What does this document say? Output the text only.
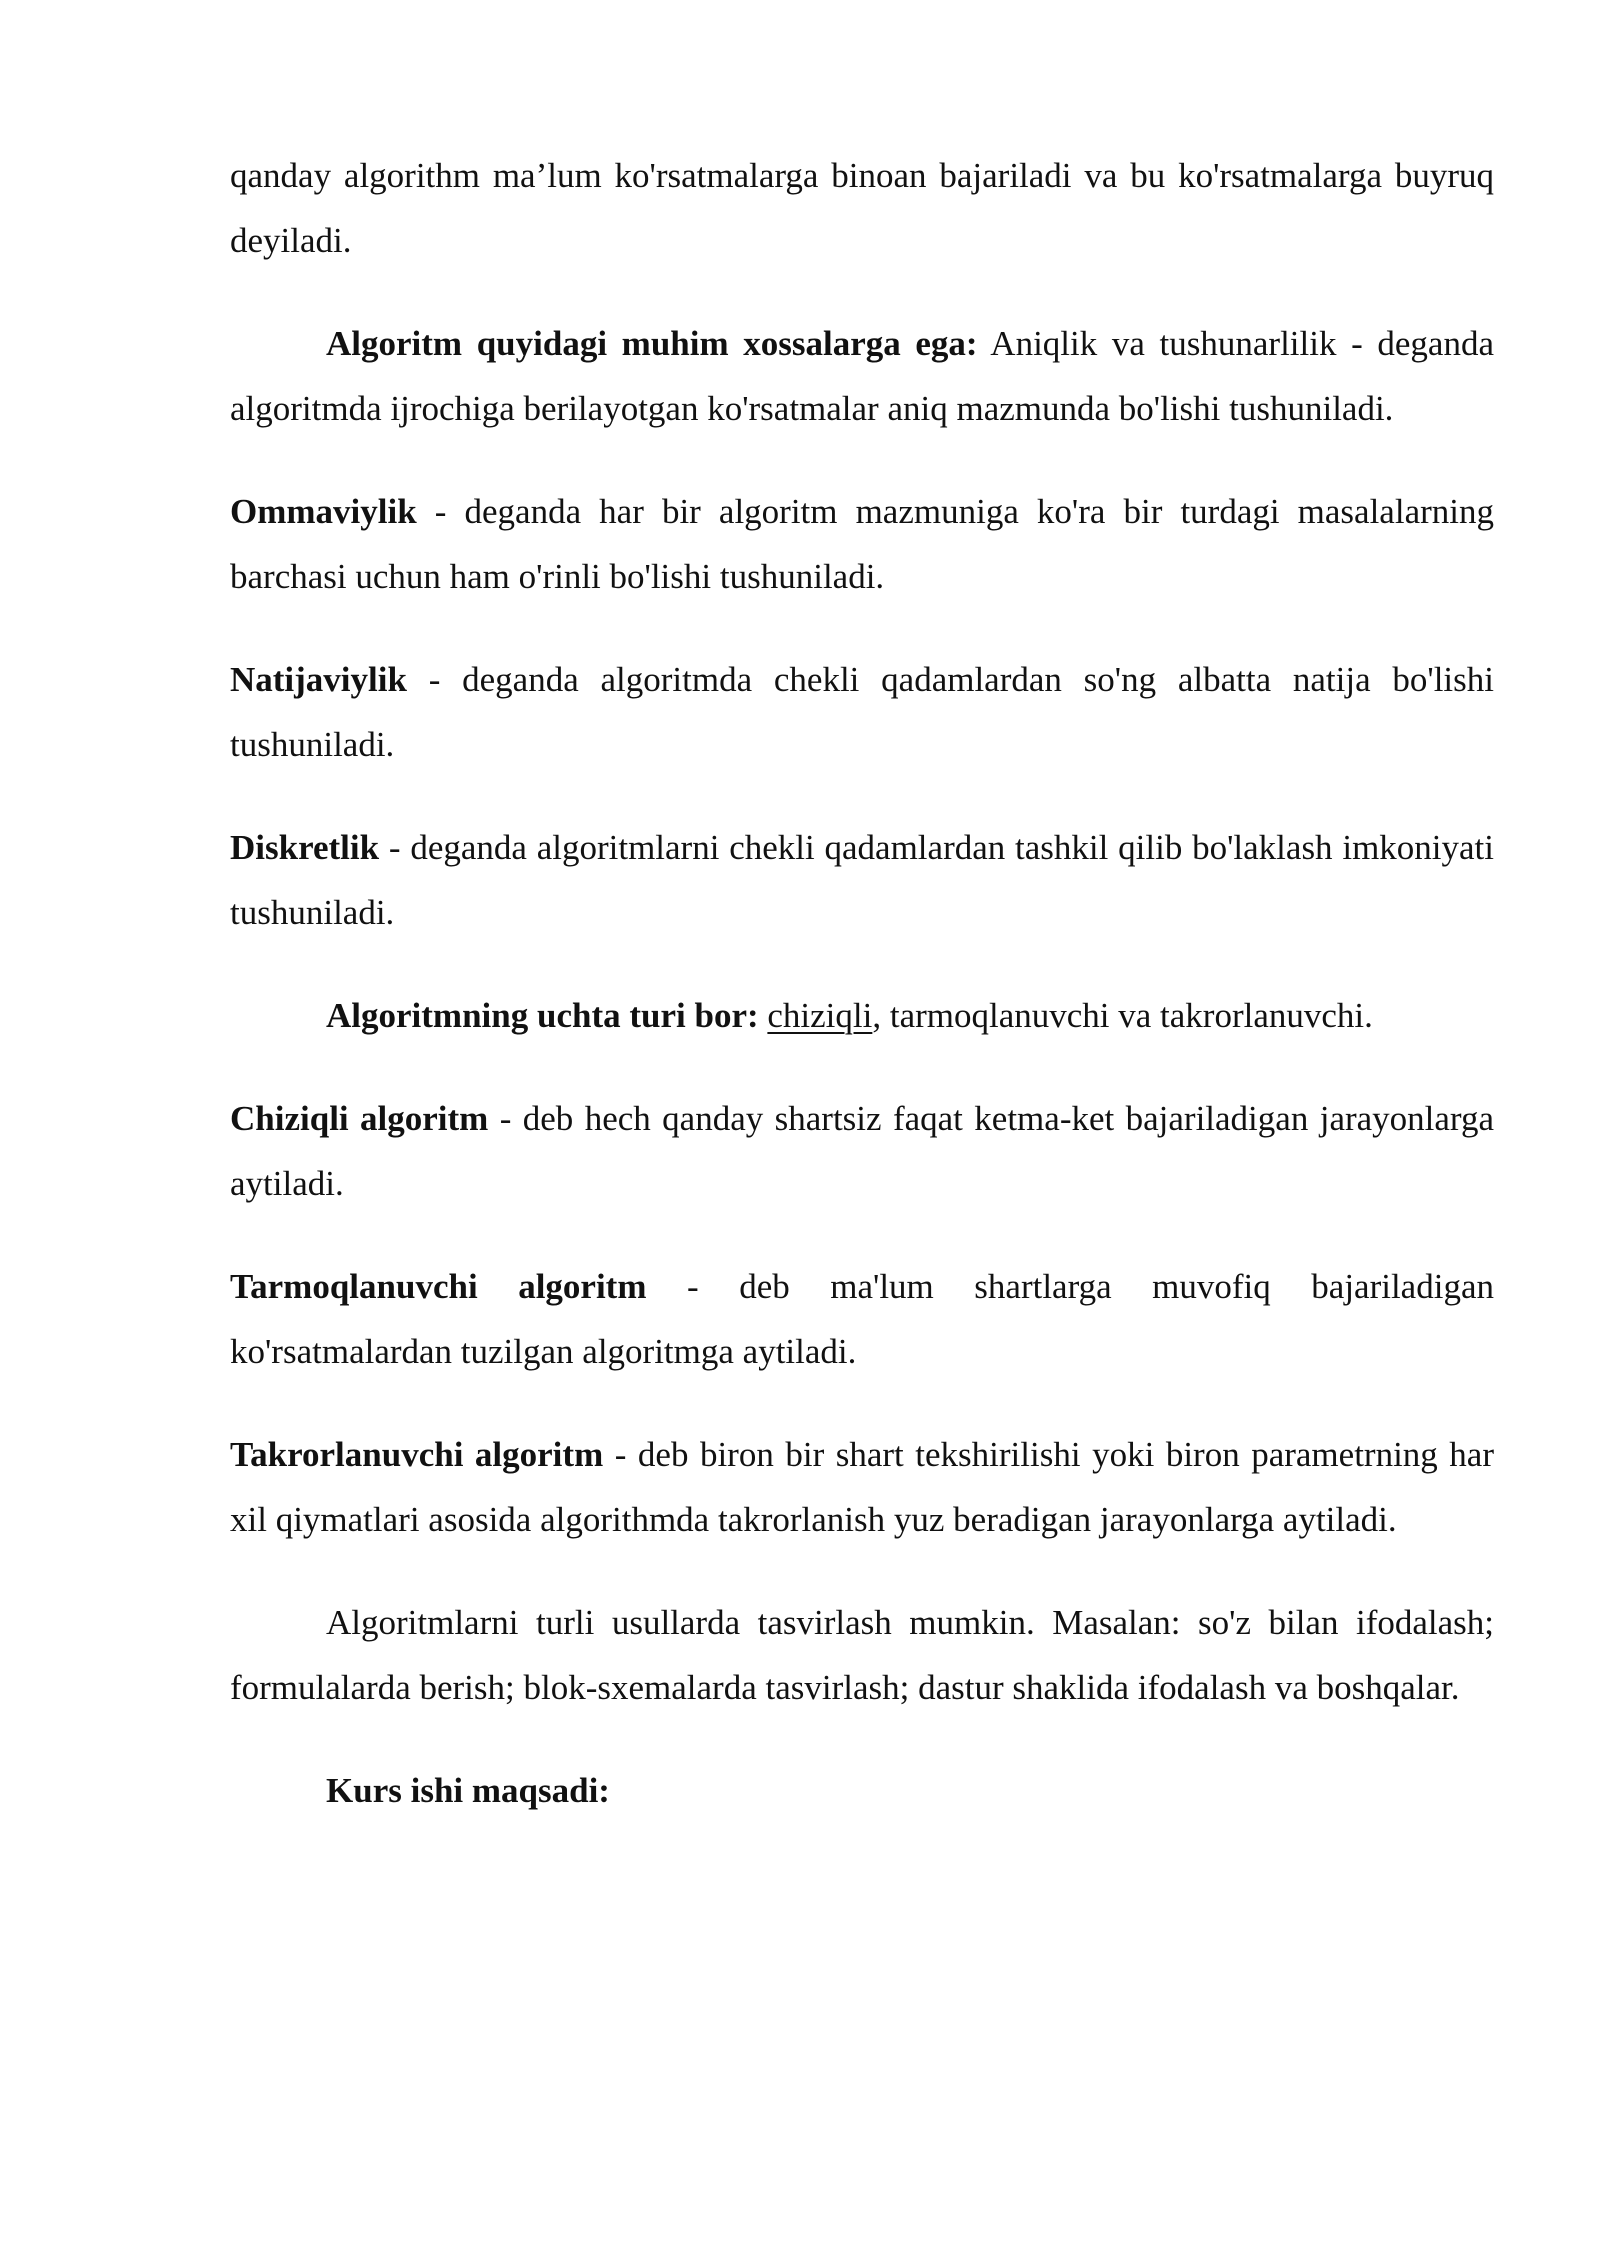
qanday algorithm ma’lum ko'rsatmalarga binoan bajariladi va bu ko'rsatmalarga buyruq deyiladi.

Algoritm quyidagi muhim xossalarga ega: Aniqlik va tushunarlilik - deganda algoritmda ijrochiga berilayotgan ko'rsatmalar aniq mazmunda bo'lishi tushuniladi.

Ommaviylik - deganda har bir algoritm mazmuniga ko'ra bir turdagi masalalarning barchasi uchun ham o'rinli bo'lishi tushuniladi.

Natijaviylik - deganda algoritmda chekli qadamlardan so'ng albatta natija bo'lishi tushuniladi.

Diskretlik - deganda algoritmlarni chekli qadamlardan tashkil qilib bo'laklash imkoniyati tushuniladi.

Algoritmning uchta turi bor: chiziqli, tarmoqlanuvchi va takrorlanuvchi.

Chiziqli algoritm - deb hech qanday shartsiz faqat ketma-ket bajariladigan jarayonlarga aytiladi.

Tarmoqlanuvchi algoritm - deb ma'lum shartlarga muvofiq bajariladigan ko'rsatmalardan tuzilgan algoritmga aytiladi.

Takrorlanuvchi algoritm - deb biron bir shart tekshirilishi yoki biron parametrning har xil qiymatlari asosida algorithmda takrorlanish yuz beradigan jarayonlarga aytiladi.

Algoritmlarni turli usullarda tasvirlash mumkin. Masalan: so'z bilan ifodalash; formulalarda berish; blok-sxemalarda tasvirlash; dastur shaklida ifodalash va boshqalar.

Kurs ishi maqsadi:
